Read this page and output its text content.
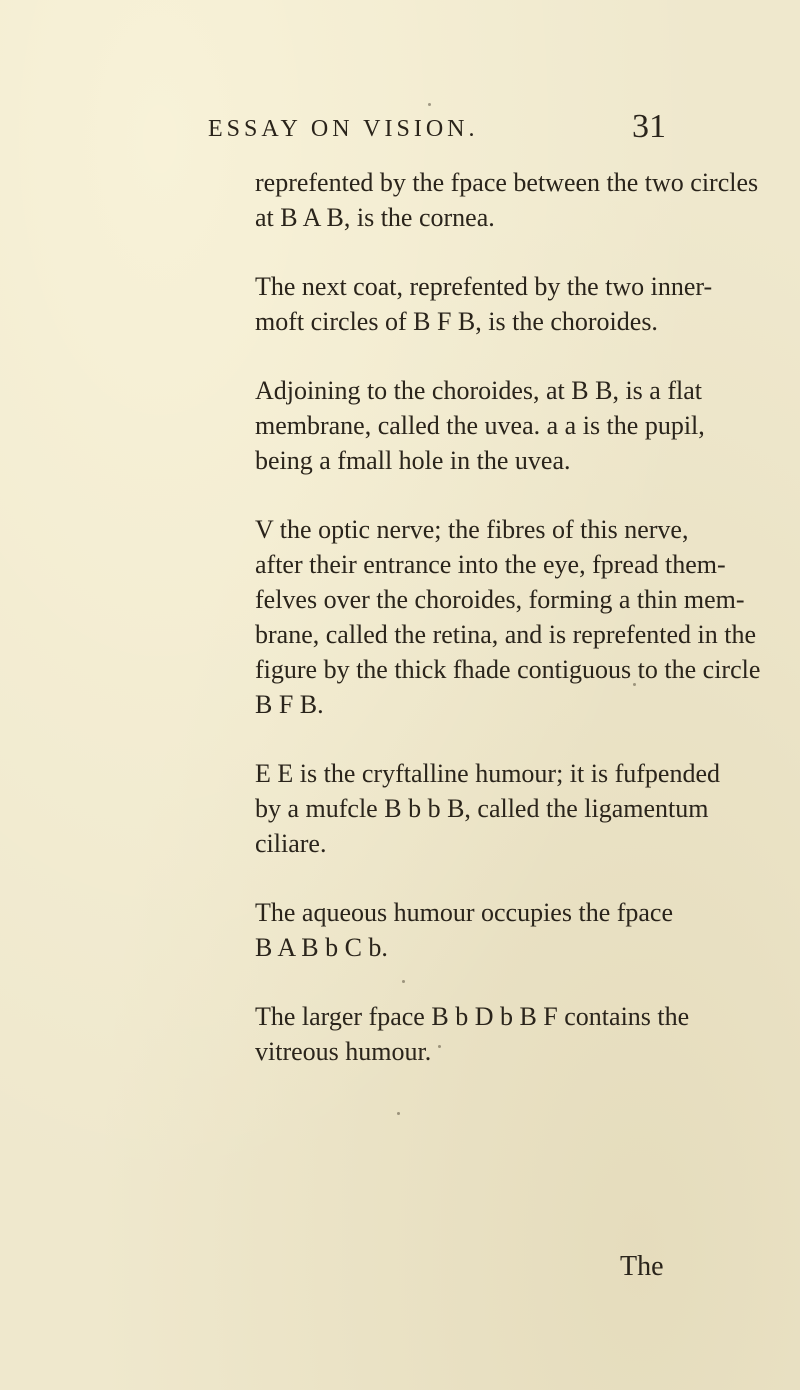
ESSAY ON VISION.	31

reprefented by the fpace between the two circles
at B A B, is the cornea.

The next coat, reprefented by the two inner-
moft circles of B F B, is the choroides.

Adjoining to the choroides, at B B, is a flat
membrane, called the uvea. a a is the pupil,
being a fmall hole in the uvea.

V the optic nerve; the fibres of this nerve,
after their entrance into the eye, fpread them-
felves over the choroides, forming a thin mem-
brane, called the retina, and is reprefented in the
figure by the thick fhade contiguous to the circle
B F B.

E E is the cryftalline humour; it is fufpended
by a mufcle B b b B, called the ligamentum
ciliare.

The aqueous humour occupies the fpace
B A B b C b.

The larger fpace B b D b B F contains the
vitreous humour.

The
